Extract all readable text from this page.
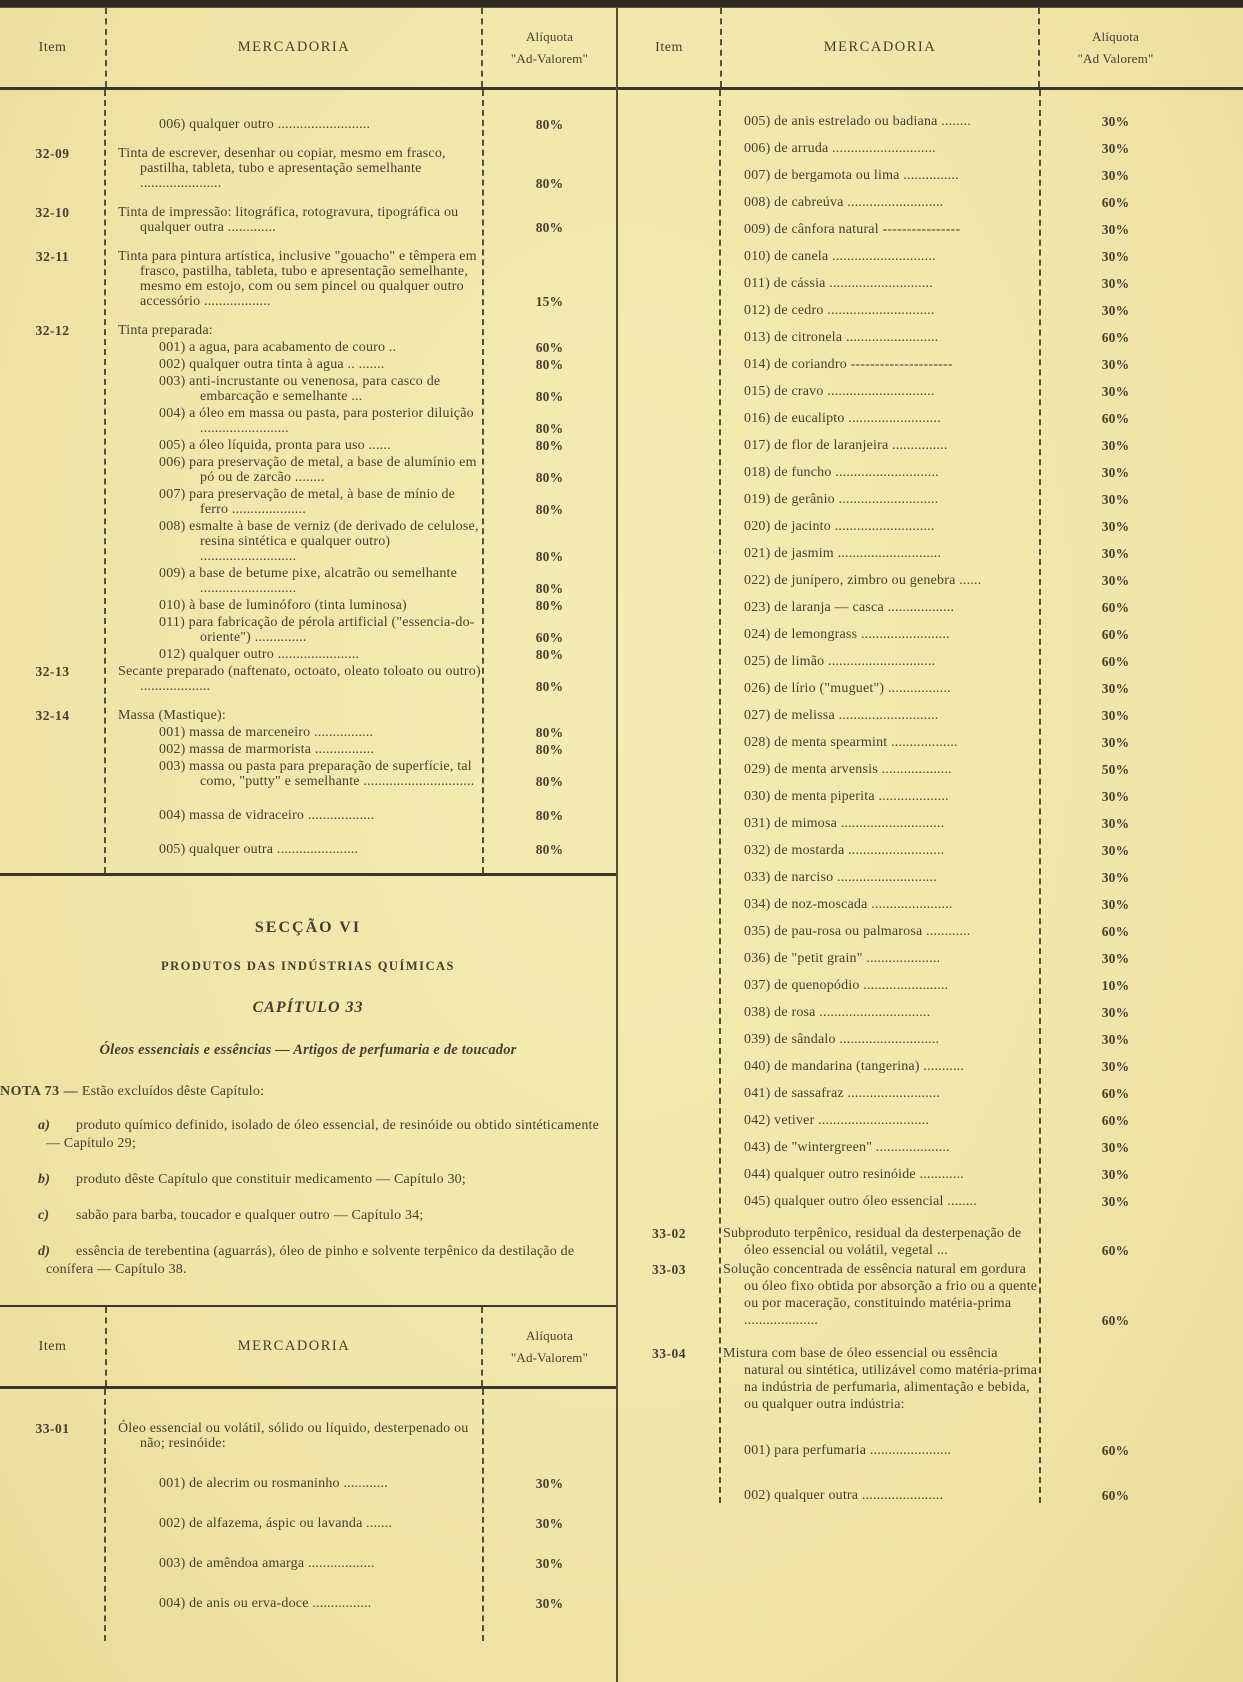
Item	MERCADORIA
Alíquota
"Ad-Valorem"
006) qualquer outro .........................	80%
32-09	Tinta de escrever, desenhar ou copiar, mesmo em frasco, pastilha, tableta, tubo e apresentação semelhante ......................	80%
32-10	Tinta de impressão: litográfica, rotogravura, tipográfica ou qualquer outra .............	80%
32-11	Tinta para pintura artística, inclusive "gouacho" e têmpera em frasco, pastilha, tableta, tubo e apresentação semelhante, mesmo em estojo, com ou sem pincel ou qualquer outro accessório ..................	15%
32-12	Tinta preparada:
001) a agua, para acabamento de couro ..	60%
002) qualquer outra tinta à agua .. .......	80%
003) anti-incrustante ou venenosa, para casco de embarcação e semelhante ...	80%
004) a óleo em massa ou pasta, para posterior diluição ........................	80%
005) a óleo líquida, pronta para uso ......	80%
006) para preservação de metal, a base de alumínio em pó ou de zarcão ........	80%
007) para preservação de metal, à base de mínio de ferro ....................	80%
008) esmalte à base de verniz (de derivado de celulose, resina sintética e qualquer outro) ..........................	80%
009) a base de betume pixe, alcatrão ou semelhante ..........................	80%
010) à base de luminóforo (tinta luminosa)	80%
011) para fabricação de pérola artificial ("essencia-do-oriente") ..............	60%
012) qualquer outro ......................	80%
32-13	Secante preparado (naftenato, octoato, oleato toloato ou outro) ...................	80%
32-14	Massa (Mastique):
001) massa de marceneiro ................	80%
002) massa de marmorista ................	80%
003) massa ou pasta para preparação de superfície, tal como, "putty" e semelhante ..............................	80%
004) massa de vidraceiro ..................	80%
005) qualquer outra ......................	80%
SECÇÃO VI
PRODUTOS DAS INDÚSTRIAS QUÍMICAS
CAPÍTULO 33
Óleos essenciais e essências — Artigos de perfumaria e de toucador
NOTA 73 — Estão excluídos dêste Capítulo:

a) produto químico definido, isolado de óleo essencial, de resinóide ou obtido sintéticamente — Capítulo 29;

b) produto dêste Capítulo que constituir medicamento — Capítulo 30;

c) sabão para barba, toucador e qualquer outro — Capítulo 34;

d) essência de terebentina (aguarrás), óleo de pinho e solvente terpênico da destilação de conífera — Capítulo 38.

Item	MERCADORIA
Alíquota
"Ad-Valorem"
33-01	Óleo essencial ou volátil, sólido ou líquido, desterpenado ou não; resinóide:
001) de alecrim ou rosmaninho ............	30%
002) de alfazema, áspic ou lavanda .......	30%
003) de amêndoa amarga ..................	30%
004) de anis ou erva-doce ................	30%
Item	MERCADORIA
Alíquota
"Ad Valorem"
005) de anis estrelado ou badiana ........	30%
006) de arruda ............................	30%
007) de bergamota ou lima ...............	30%
008) de cabreúva ..........................	60%
009) de cânfora natural ----------------	30%
010) de canela ............................	30%
011) de cássia ............................	30%
012) de cedro .............................	30%
013) de citronela .........................	60%
014) de coriandro ---------------------	30%
015) de cravo .............................	30%
016) de eucalipto .........................	60%
017) de flor de laranjeira ...............	30%
018) de funcho ............................	30%
019) de gerânio ...........................	30%
020) de jacinto ...........................	30%
021) de jasmim ............................	30%
022) de junípero, zimbro ou genebra ......	30%
023) de laranja — casca ..................	60%
024) de lemongrass ........................	60%
025) de limão .............................	60%
026) de lírio ("muguet") .................	30%
027) de melissa ...........................	30%
028) de menta spearmint ..................	30%
029) de menta arvensis ...................	50%
030) de menta piperita ...................	30%
031) de mimosa ............................	30%
032) de mostarda ..........................	30%
033) de narciso ...........................	30%
034) de noz-moscada ......................	30%
035) de pau-rosa ou palmarosa ............	60%
036) de "petit grain" ....................	30%
037) de quenopódio .......................	10%
038) de rosa ..............................	30%
039) de sândalo ...........................	30%
040) de mandarina (tangerina) ...........	30%
041) de sassafraz .........................	60%
042) vetiver ..............................	60%
043) de "wintergreen" ....................	30%
044) qualquer outro resinóide ............	30%
045) qualquer outro óleo essencial ........	30%
33-02	Subproduto terpênico, residual da desterpenação de óleo essencial ou volátil, vegetal ...	60%
33-03	Solução concentrada de essência natural em gordura ou óleo fixo obtida por absorção a frio ou a quente ou por maceração, constituindo matéria-prima ....................	60%
33-04	Mistura com base de óleo essencial ou essência natural ou sintética, utilizável como matéria-prima na indústria de perfumaria, alimentação e bebida, ou qualquer outra indústria:
001) para perfumaria ......................	60%
002) qualquer outra ......................	60%
